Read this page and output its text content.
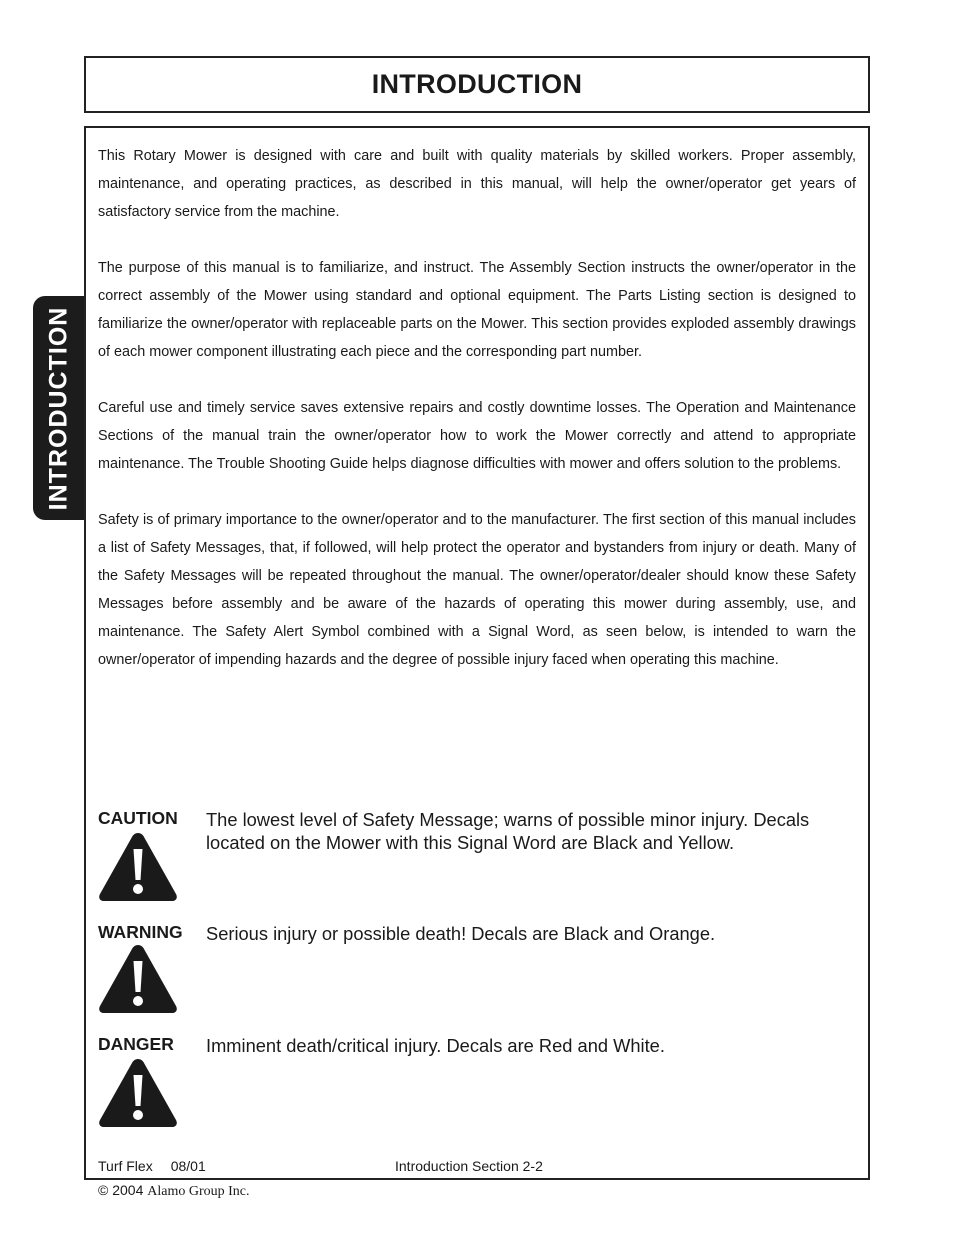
INTRODUCTION
INTRODUCTION

This Rotary Mower is designed with care and built with quality materials by skilled workers. Proper assembly, maintenance, and operating practices, as described in this manual, will help the owner/operator get years of satisfactory service from the machine.

The purpose of this manual is to familiarize, and instruct. The Assembly Section instructs the owner/operator in the correct assembly of the Mower using standard and optional equipment. The Parts Listing section is designed to familiarize the owner/operator with replaceable parts on the Mower. This section provides exploded assembly drawings of each mower component illustrating each piece and the corresponding part number.

Careful use and timely service saves extensive repairs and costly downtime losses. The Operation and Maintenance Sections of the manual train the owner/operator how to work the Mower correctly and attend to appropriate maintenance. The Trouble Shooting Guide helps diagnose difficulties with mower and offers solution to the problems.

Safety is of primary importance to the owner/operator and to the manufacturer. The first section of this manual includes a list of Safety Messages, that, if followed, will help protect the operator and bystanders from injury or death. Many of the Safety Messages will be repeated throughout the manual. The owner/operator/dealer should know these Safety Messages before assembly and be aware of the hazards of operating this mower during assembly, use, and maintenance. The Safety Alert Symbol combined with a Signal Word, as seen below, is intended to warn the owner/operator of impending hazards and the degree of possible injury faced when operating this machine.

CAUTION The lowest level of Safety Message; warns of possible minor injury. Decals located on the Mower with this Signal Word are Black and Yellow.
WARNING Serious injury or possible death! Decals are Black and Orange.
DANGER Imminent death/critical injury. Decals are Red and White.
Turf Flex 08/01	Introduction Section 2-2
© 2004 Alamo Group Inc.
